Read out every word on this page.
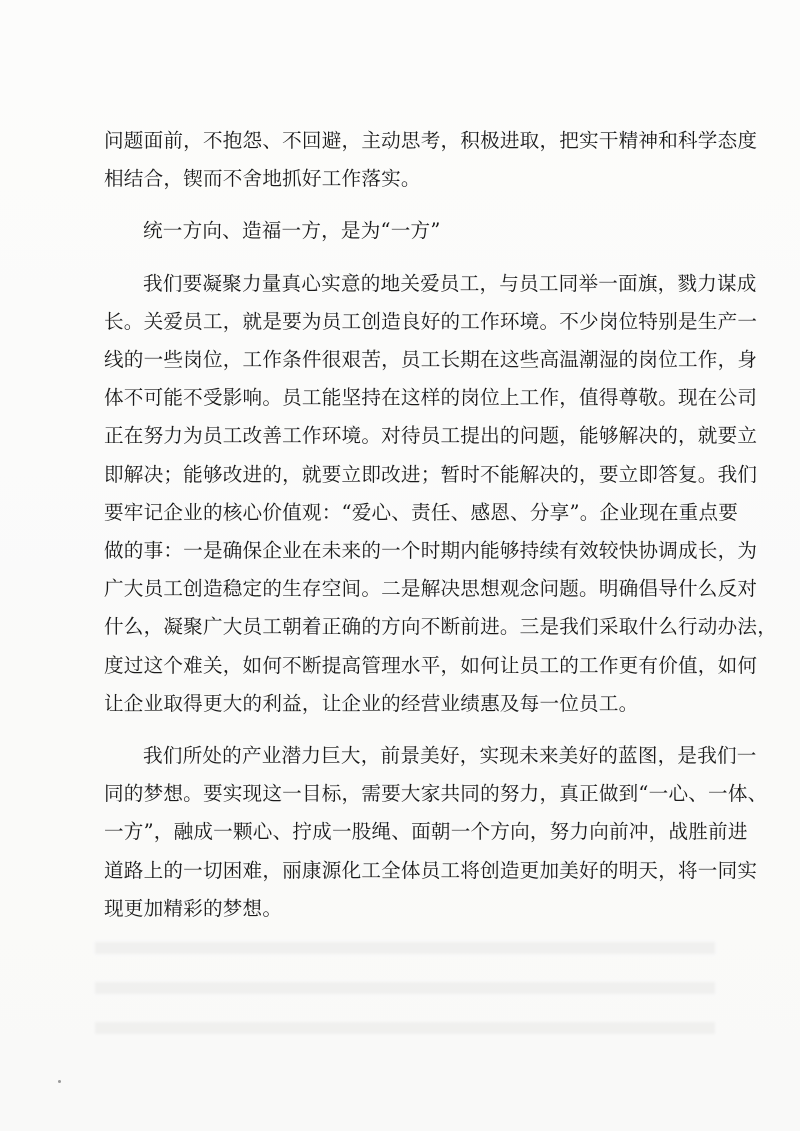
问题面前，不抱怨、不回避，主动思考，积极进取，把实干精神和科学态度
相结合，锲而不舍地抓好工作落实。
统一方向、造福一方，是为“一方”
我们要凝聚力量真心实意的地关爱员工，与员工同举一面旗，戮力谋成
长。关爱员工，就是要为员工创造良好的工作环境。不少岗位特别是生产一
线的一些岗位，工作条件很艰苦，员工长期在这些高温潮湿的岗位工作，身
体不可能不受影响。员工能坚持在这样的岗位上工作，值得尊敬。现在公司
正在努力为员工改善工作环境。对待员工提出的问题，能够解决的，就要立
即解决；能够改进的，就要立即改进；暂时不能解决的，要立即答复。我们
要牢记企业的核心价值观：“爱心、责任、感恩、分享”。企业现在重点要
做的事：一是确保企业在未来的一个时期内能够持续有效较快协调成长，为
广大员工创造稳定的生存空间。二是解决思想观念问题。明确倡导什么反对
什么，凝聚广大员工朝着正确的方向不断前进。三是我们采取什么行动办法，
度过这个难关，如何不断提高管理水平，如何让员工的工作更有价值，如何
让企业取得更大的利益，让企业的经营业绩惠及每一位员工。
我们所处的产业潜力巨大，前景美好，实现未来美好的蓝图，是我们一
同的梦想。要实现这一目标，需要大家共同的努力，真正做到“一心、一体、
一方”，融成一颗心、拧成一股绳、面朝一个方向，努力向前冲，战胜前进
道路上的一切困难，丽康源化工全体员工将创造更加美好的明天，将一同实
现更加精彩的梦想。
